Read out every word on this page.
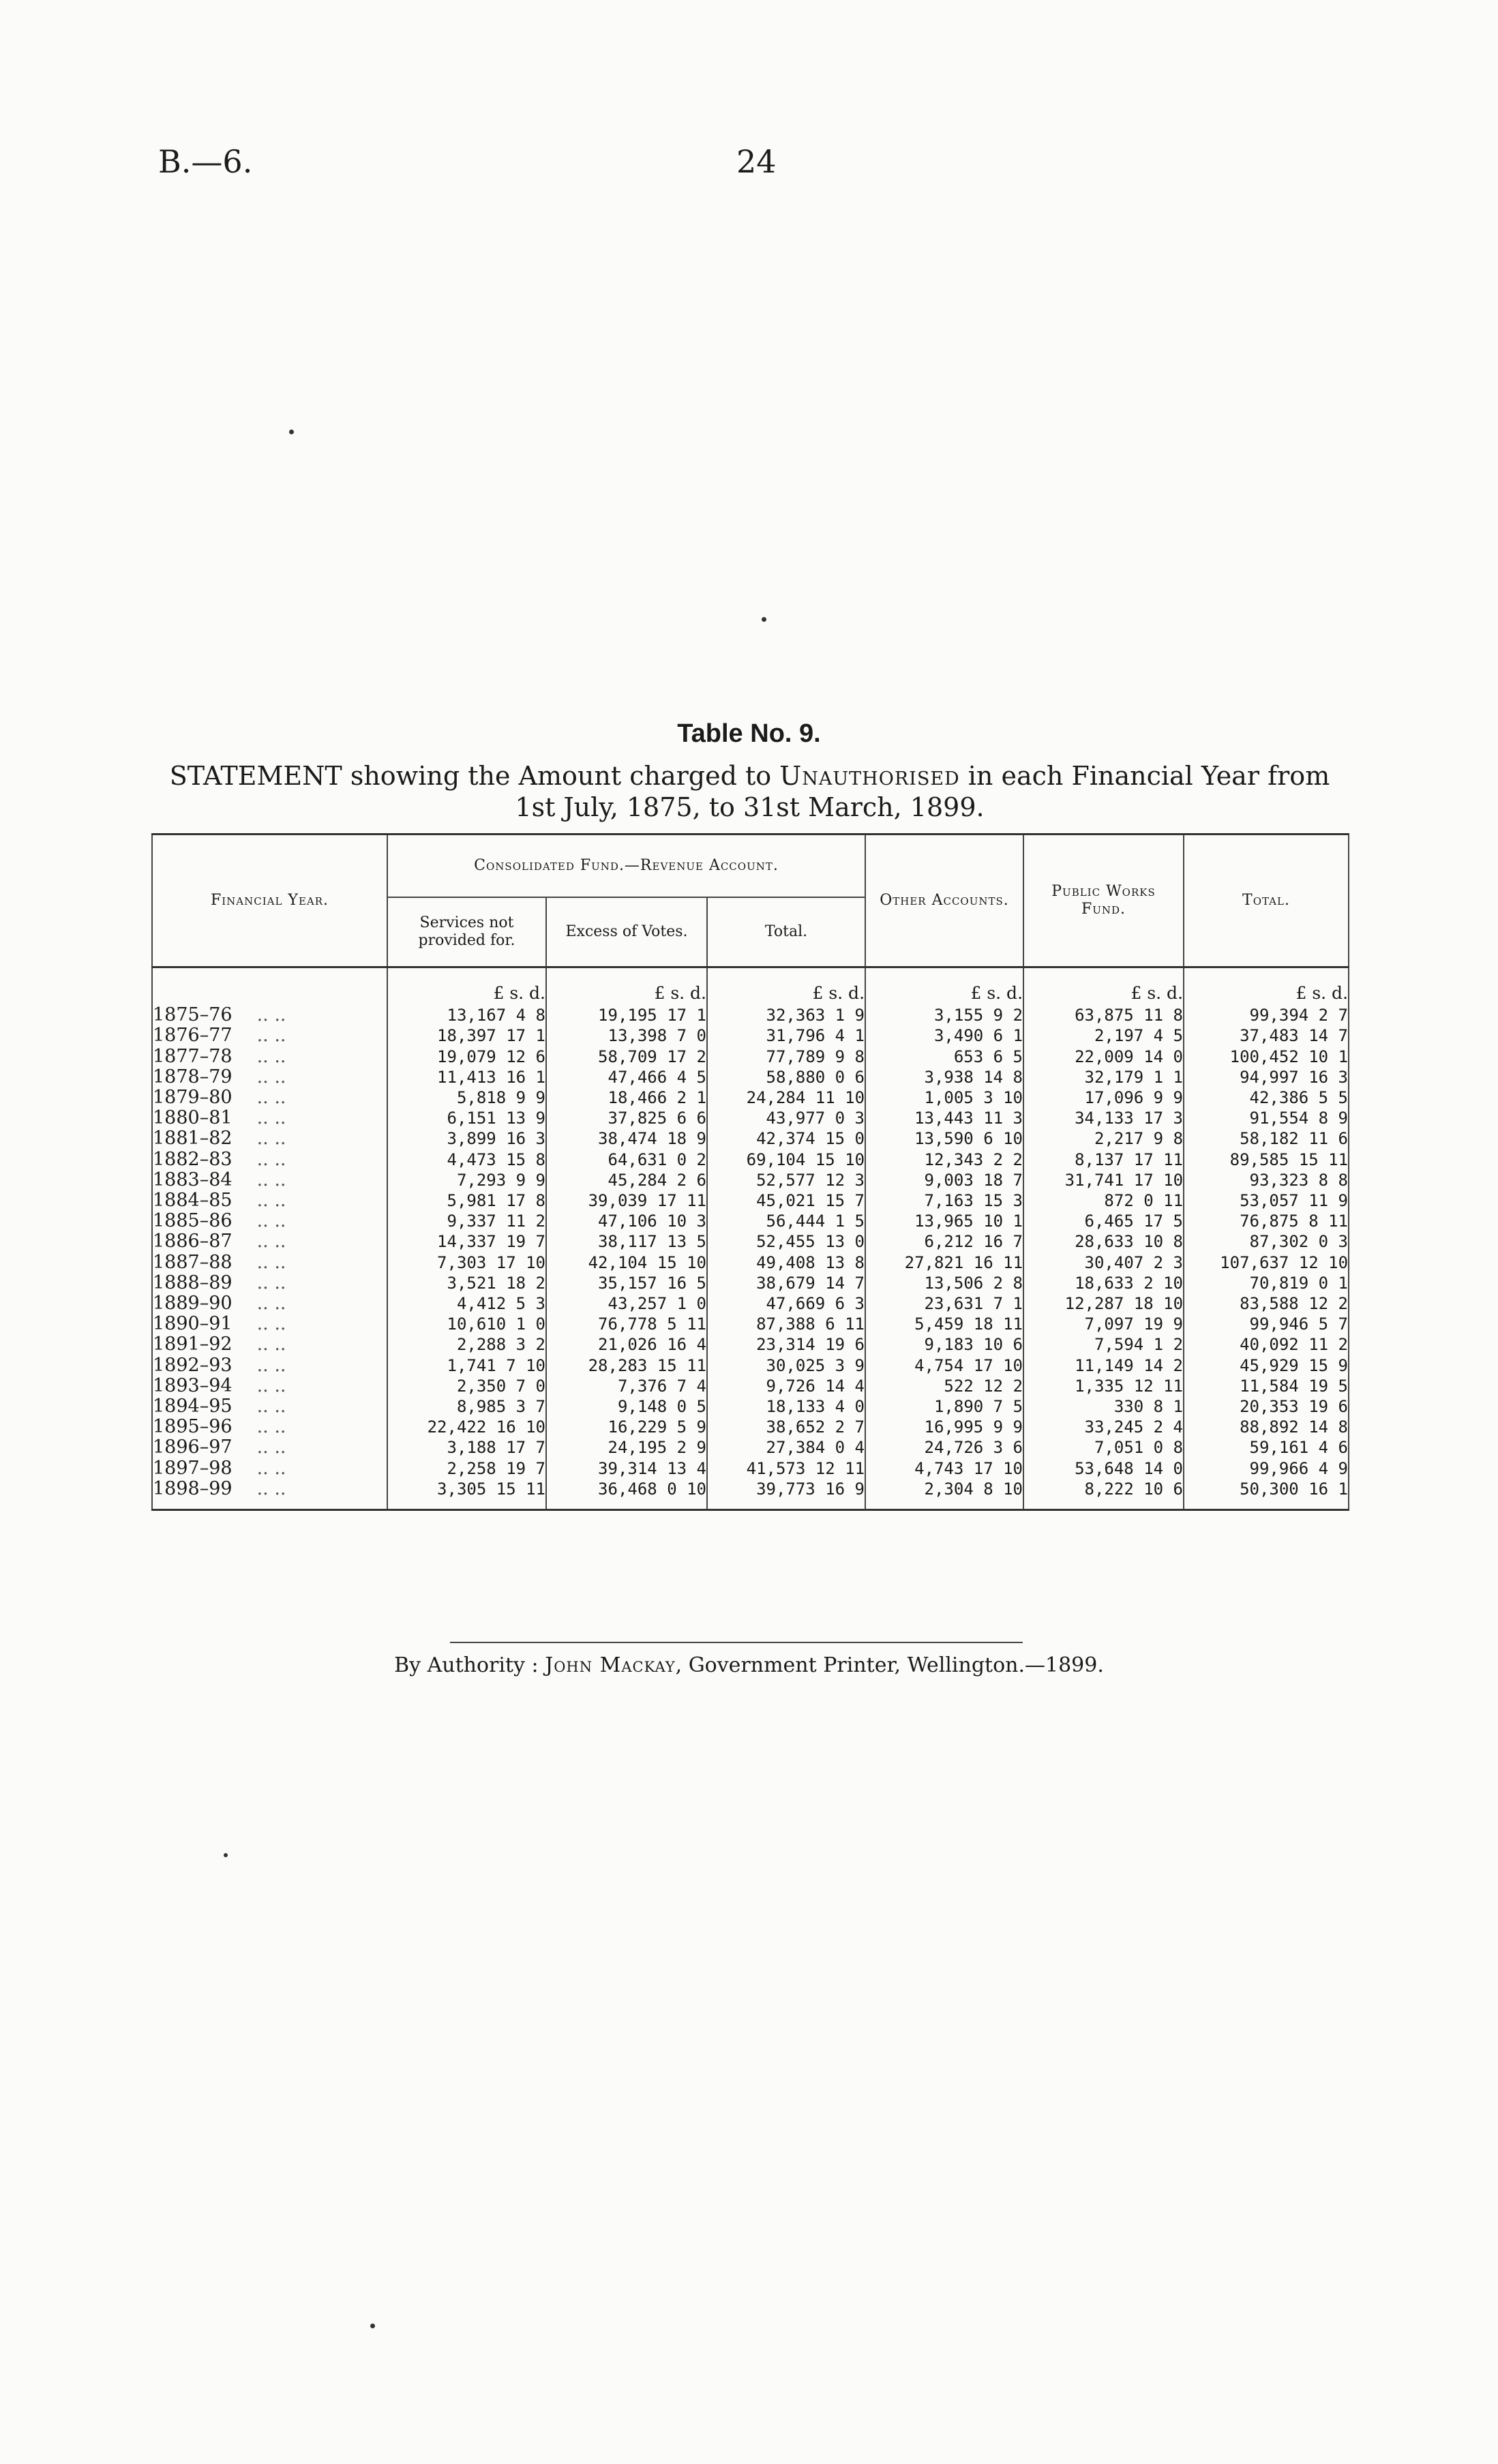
B.—6.	24
Table No. 9.
STATEMENT showing the Amount charged to Unauthorised in each Financial Year from 1st July, 1875, to 31st March, 1899.
Financial Year.	Consolidated Fund.—Revenue Account.			Other Accounts.	Public Works Fund.	Total.
	Services not provided for.	Excess of Votes.	Total.			
	£ s. d.	£ s. d.	£ s. d.	£ s. d.	£ s. d.	£ s. d.
1875–76 .. ..	13,167 4 8	19,195 17 1	32,363 1 9	3,155 9 2	63,875 11 8	99,394 2 7
1876–77 .. ..	18,397 17 1	13,398 7 0	31,796 4 1	3,490 6 1	2,197 4 5	37,483 14 7
1877–78 .. ..	19,079 12 6	58,709 17 2	77,789 9 8	653 6 5	22,009 14 0	100,452 10 1
1878–79 .. ..	11,413 16 1	47,466 4 5	58,880 0 6	3,938 14 8	32,179 1 1	94,997 16 3
1879–80 .. ..	5,818 9 9	18,466 2 1	24,284 11 10	1,005 3 10	17,096 9 9	42,386 5 5
1880–81 .. ..	6,151 13 9	37,825 6 6	43,977 0 3	13,443 11 3	34,133 17 3	91,554 8 9
1881–82 .. ..	3,899 16 3	38,474 18 9	42,374 15 0	13,590 6 10	2,217 9 8	58,182 11 6
1882–83 .. ..	4,473 15 8	64,631 0 2	69,104 15 10	12,343 2 2	8,137 17 11	89,585 15 11
1883–84 .. ..	7,293 9 9	45,284 2 6	52,577 12 3	9,003 18 7	31,741 17 10	93,323 8 8
1884–85 .. ..	5,981 17 8	39,039 17 11	45,021 15 7	7,163 15 3	872 0 11	53,057 11 9
1885–86 .. ..	9,337 11 2	47,106 10 3	56,444 1 5	13,965 10 1	6,465 17 5	76,875 8 11
1886–87 .. ..	14,337 19 7	38,117 13 5	52,455 13 0	6,212 16 7	28,633 10 8	87,302 0 3
1887–88 .. ..	7,303 17 10	42,104 15 10	49,408 13 8	27,821 16 11	30,407 2 3	107,637 12 10
1888–89 .. ..	3,521 18 2	35,157 16 5	38,679 14 7	13,506 2 8	18,633 2 10	70,819 0 1
1889–90 .. ..	4,412 5 3	43,257 1 0	47,669 6 3	23,631 7 1	12,287 18 10	83,588 12 2
1890–91 .. ..	10,610 1 0	76,778 5 11	87,388 6 11	5,459 18 11	7,097 19 9	99,946 5 7
1891–92 .. ..	2,288 3 2	21,026 16 4	23,314 19 6	9,183 10 6	7,594 1 2	40,092 11 2
1892–93 .. ..	1,741 7 10	28,283 15 11	30,025 3 9	4,754 17 10	11,149 14 2	45,929 15 9
1893–94 .. ..	2,350 7 0	7,376 7 4	9,726 14 4	522 12 2	1,335 12 11	11,584 19 5
1894–95 .. ..	8,985 3 7	9,148 0 5	18,133 4 0	1,890 7 5	330 8 1	20,353 19 6
1895–96 .. ..	22,422 16 10	16,229 5 9	38,652 2 7	16,995 9 9	33,245 2 4	88,892 14 8
1896–97 .. ..	3,188 17 7	24,195 2 9	27,384 0 4	24,726 3 6	7,051 0 8	59,161 4 6
1897–98 .. ..	2,258 19 7	39,314 13 4	41,573 12 11	4,743 17 10	53,648 14 0	99,966 4 9
1898–99 .. ..	3,305 15 11	36,468 0 10	39,773 16 9	2,304 8 10	8,222 10 6	50,300 16 1

By Authority : John Mackay, Government Printer, Wellington.—1899.
